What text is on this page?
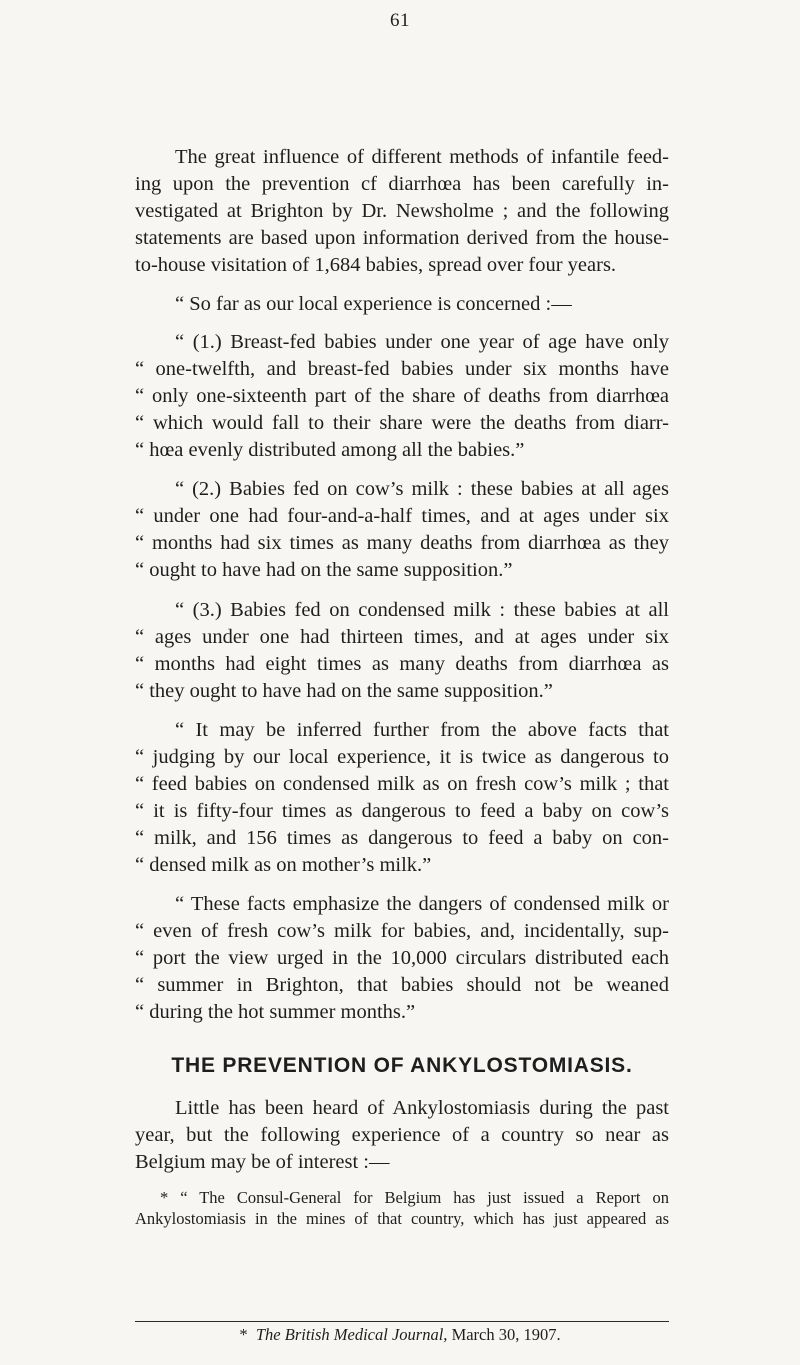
61
The great influence of different methods of infantile feed-
ing upon the prevention cf diarrhœa has been carefully in-
vestigated at Brighton by Dr. Newsholme ; and the following
statements are based upon information derived from the house-
to-house visitation of 1,684 babies, spread over four years.
“ So far as our local experience is concerned :—
“ (1.) Breast-fed babies under one year of age have only
“ one-twelfth, and breast-fed babies under six months have
“ only one-sixteenth part of the share of deaths from diarrhœa
“ which would fall to their share were the deaths from diarr-
“ hœa evenly distributed among all the babies.”
“ (2.) Babies fed on cow’s milk : these babies at all ages
“ under one had four-and-a-half times, and at ages under six
“ months had six times as many deaths from diarrhœa as they
“ ought to have had on the same supposition.”
“ (3.) Babies fed on condensed milk : these babies at all
“ ages under one had thirteen times, and at ages under six
“ months had eight times as many deaths from diarrhœa as
“ they ought to have had on the same supposition.”
“ It may be inferred further from the above facts that
“ judging by our local experience, it is twice as dangerous to
“ feed babies on condensed milk as on fresh cow’s milk ; that
“ it is fifty-four times as dangerous to feed a baby on cow’s
“ milk, and 156 times as dangerous to feed a baby on con-
“ densed milk as on mother’s milk.”
“ These facts emphasize the dangers of condensed milk or
“ even of fresh cow’s milk for babies, and, incidentally, sup-
“ port the view urged in the 10,000 circulars distributed each
“ summer in Brighton, that babies should not be weaned
“ during the hot summer months.”
THE PREVENTION OF ANKYLOSTOMIASIS.
Little has been heard of Ankylostomiasis during the past
year, but the following experience of a country so near as
Belgium may be of interest :—
* “ The Consul-General for Belgium has just issued a Report on
Ankylostomiasis in the mines of that country, which has just appeared as
* The British Medical Journal, March 30, 1907.
